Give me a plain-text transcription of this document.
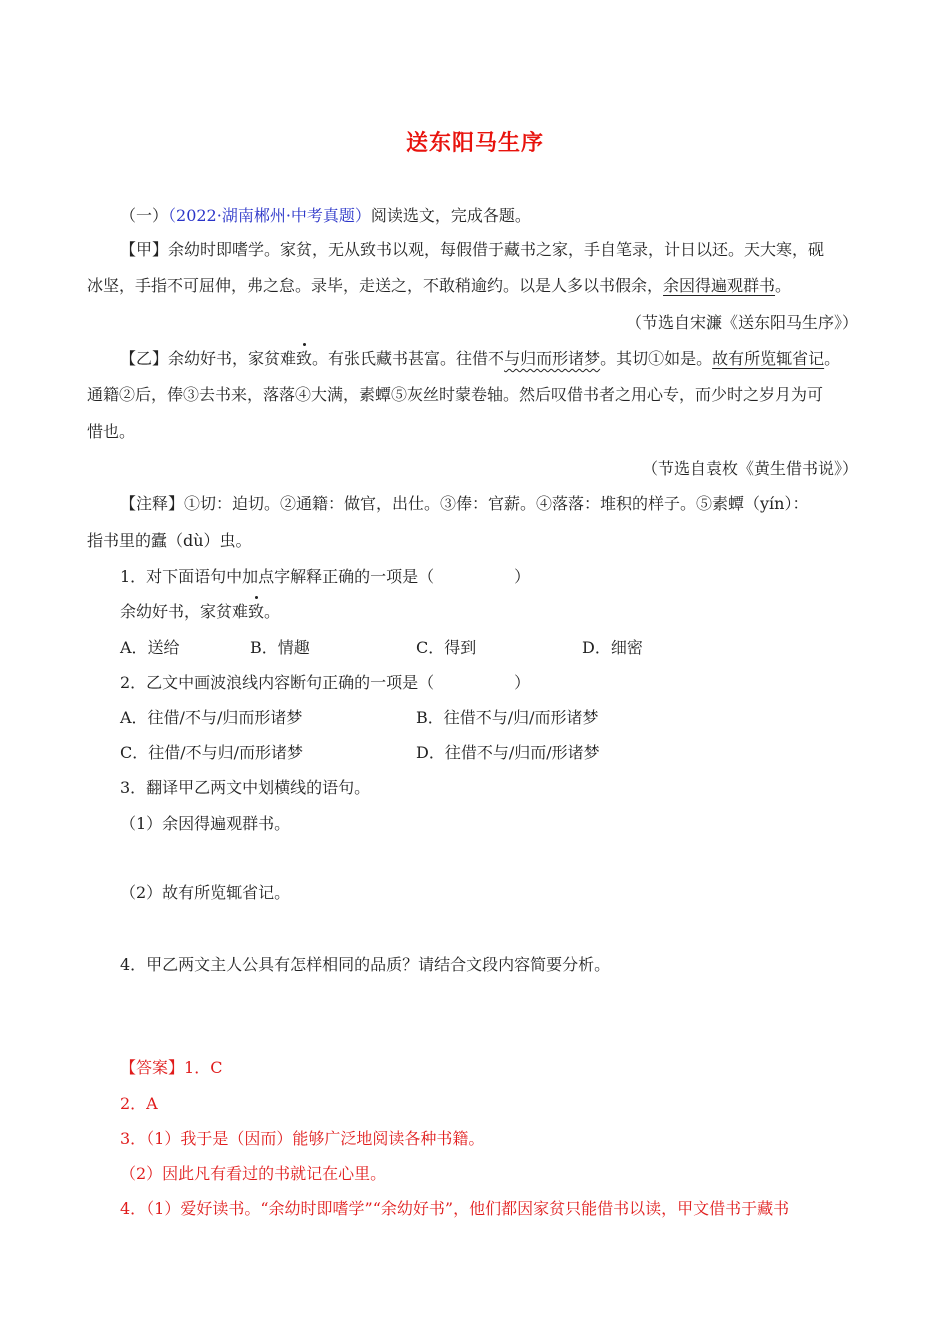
送东阳马生序
（一）（2022·湖南郴州·中考真题）阅读选文，完成各题。
【甲】余幼时即嗜学。家贫，无从致书以观，每假借于藏书之家，手自笔录，计日以还。天大寒，砚
冰坚，手指不可屈伸，弗之怠。录毕，走送之，不敢稍逾约。以是人多以书假余，余因得遍观群书。
（节选自宋濂《送东阳马生序》）
【乙】余幼好书，家贫难致。有张氏藏书甚富。往借不与归而形诸梦。其切①如是。故有所览辄省记。
通籍②后，俸③去书来，落落④大满，素蟫⑤灰丝时蒙卷轴。然后叹借书者之用心专，而少时之岁月为可
惜也。
（节选自袁枚《黄生借书说》）
【注释】①切：迫切。②通籍：做官，出仕。③俸：官薪。④落落：堆积的样子。⑤素蟫（yín）：
指书里的蠹（dù）虫。
1．对下面语句中加点字解释正确的一项是（　　　　　）
余幼好书，家贫难致。
A．送给	B．情趣	C．得到	D．细密
2．乙文中画波浪线内容断句正确的一项是（　　　　　）
A．往借/不与/归而形诸梦	B．往借不与/归/而形诸梦
C．往借/不与归/而形诸梦	D．往借不与/归而/形诸梦
3．翻译甲乙两文中划横线的语句。
（1）余因得遍观群书。
（2）故有所览辄省记。
4．甲乙两文主人公具有怎样相同的品质？请结合文段内容简要分析。
【答案】1．C
2．A
3．（1）我于是（因而）能够广泛地阅读各种书籍。
（2）因此凡有看过的书就记在心里。
4．（1）爱好读书。“余幼时即嗜学”“余幼好书”，他们都因家贫只能借书以读，甲文借书于藏书
